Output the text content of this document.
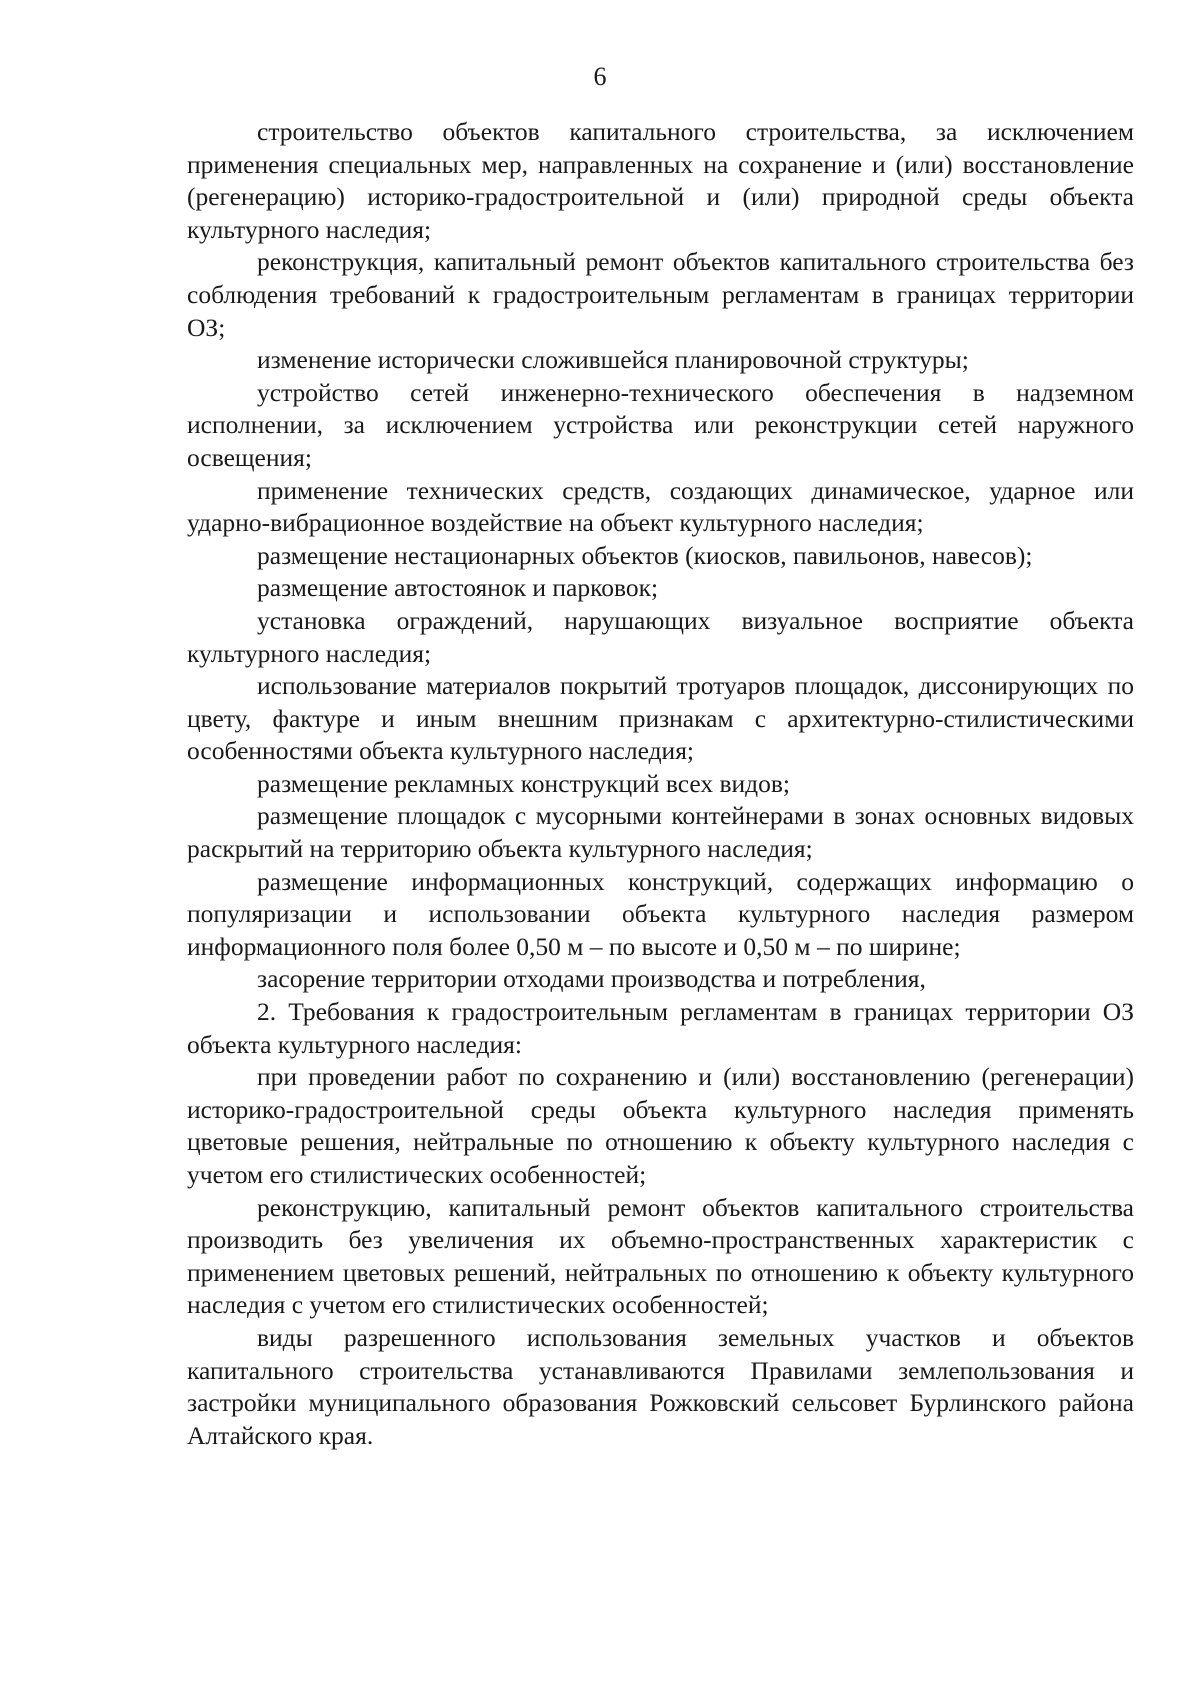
6

строительство объектов капитального строительства, за исключением применения специальных мер, направленных на сохранение и (или) восстановление (регенерацию) историко-градостроительной и (или) природной среды объекта культурного наследия;

реконструкция, капитальный ремонт объектов капитального строительства без соблюдения требований к градостроительным регламентам в границах территории ОЗ;

изменение исторически сложившейся планировочной структуры;

устройство сетей инженерно-технического обеспечения в надземном исполнении, за исключением устройства или реконструкции сетей наружного освещения;

применение технических средств, создающих динамическое, ударное или ударно-вибрационное воздействие на объект культурного наследия;

размещение нестационарных объектов (киосков, павильонов, навесов);

размещение автостоянок и парковок;

установка ограждений, нарушающих визуальное восприятие объекта культурного наследия;

использование материалов покрытий тротуаров площадок, диссонирующих по цвету, фактуре и иным внешним признакам с архитектурно-стилистическими особенностями объекта культурного наследия;

размещение рекламных конструкций всех видов;

размещение площадок с мусорными контейнерами в зонах основных видовых раскрытий на территорию объекта культурного наследия;

размещение информационных конструкций, содержащих информацию о популяризации и использовании объекта культурного наследия размером информационного поля более 0,50 м – по высоте и 0,50 м – по ширине;

засорение территории отходами производства и потребления,

2. Требования к градостроительным регламентам в границах территории ОЗ объекта культурного наследия:

при проведении работ по сохранению и (или) восстановлению (регенерации) историко-градостроительной среды объекта культурного наследия применять цветовые решения, нейтральные по отношению к объекту культурного наследия с учетом его стилистических особенностей;

реконструкцию, капитальный ремонт объектов капитального строительства производить без увеличения их объемно-пространственных характеристик с применением цветовых решений, нейтральных по отношению к объекту культурного наследия с учетом его стилистических особенностей;

виды разрешенного использования земельных участков и объектов капитального строительства устанавливаются Правилами землепользования и застройки муниципального образования Рожковский сельсовет Бурлинского района Алтайского края.
